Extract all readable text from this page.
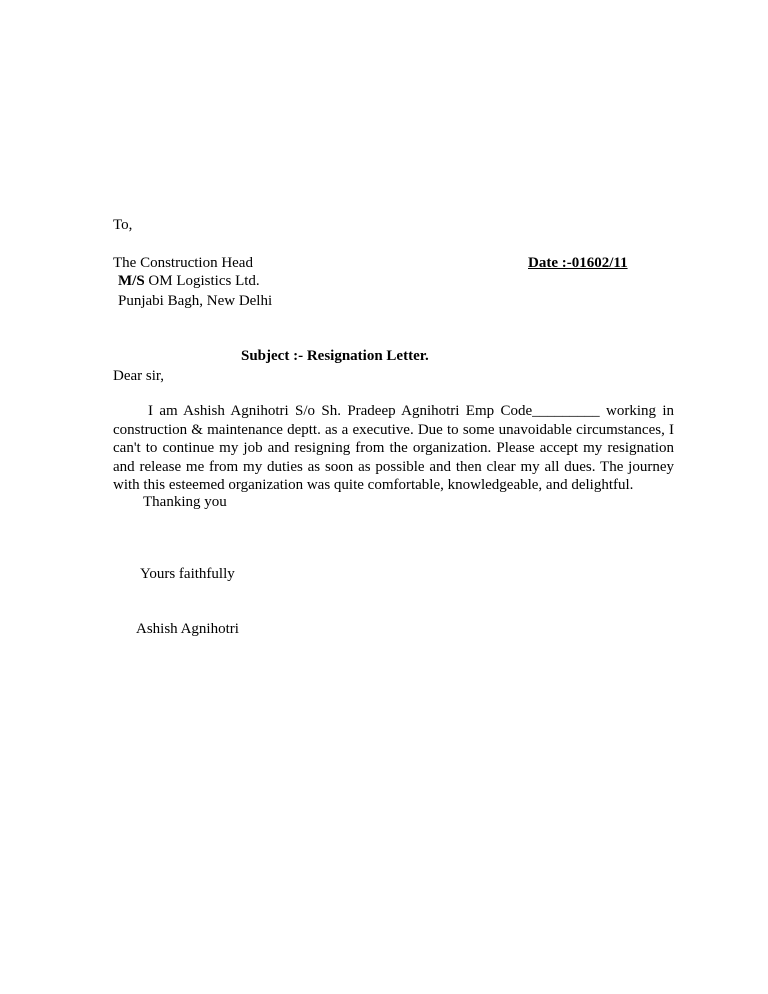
To,
The Construction Head	Date :-01602/11
M/S OM Logistics Ltd.
Punjabi Bagh, New Delhi
Subject :- Resignation Letter.
Dear sir,
I am Ashish Agnihotri S/o Sh. Pradeep Agnihotri Emp Code_________ working in
construction & maintenance deptt. as a executive. Due to some unavoidable circumstances, I can't to continue my job and resigning from the organization. Please accept my resignation and release me from my duties as soon as possible and then clear my all dues. The journey with this esteemed organization was quite comfortable, knowledgeable, and delightful.
Thanking you
Yours faithfully
Ashish Agnihotri
